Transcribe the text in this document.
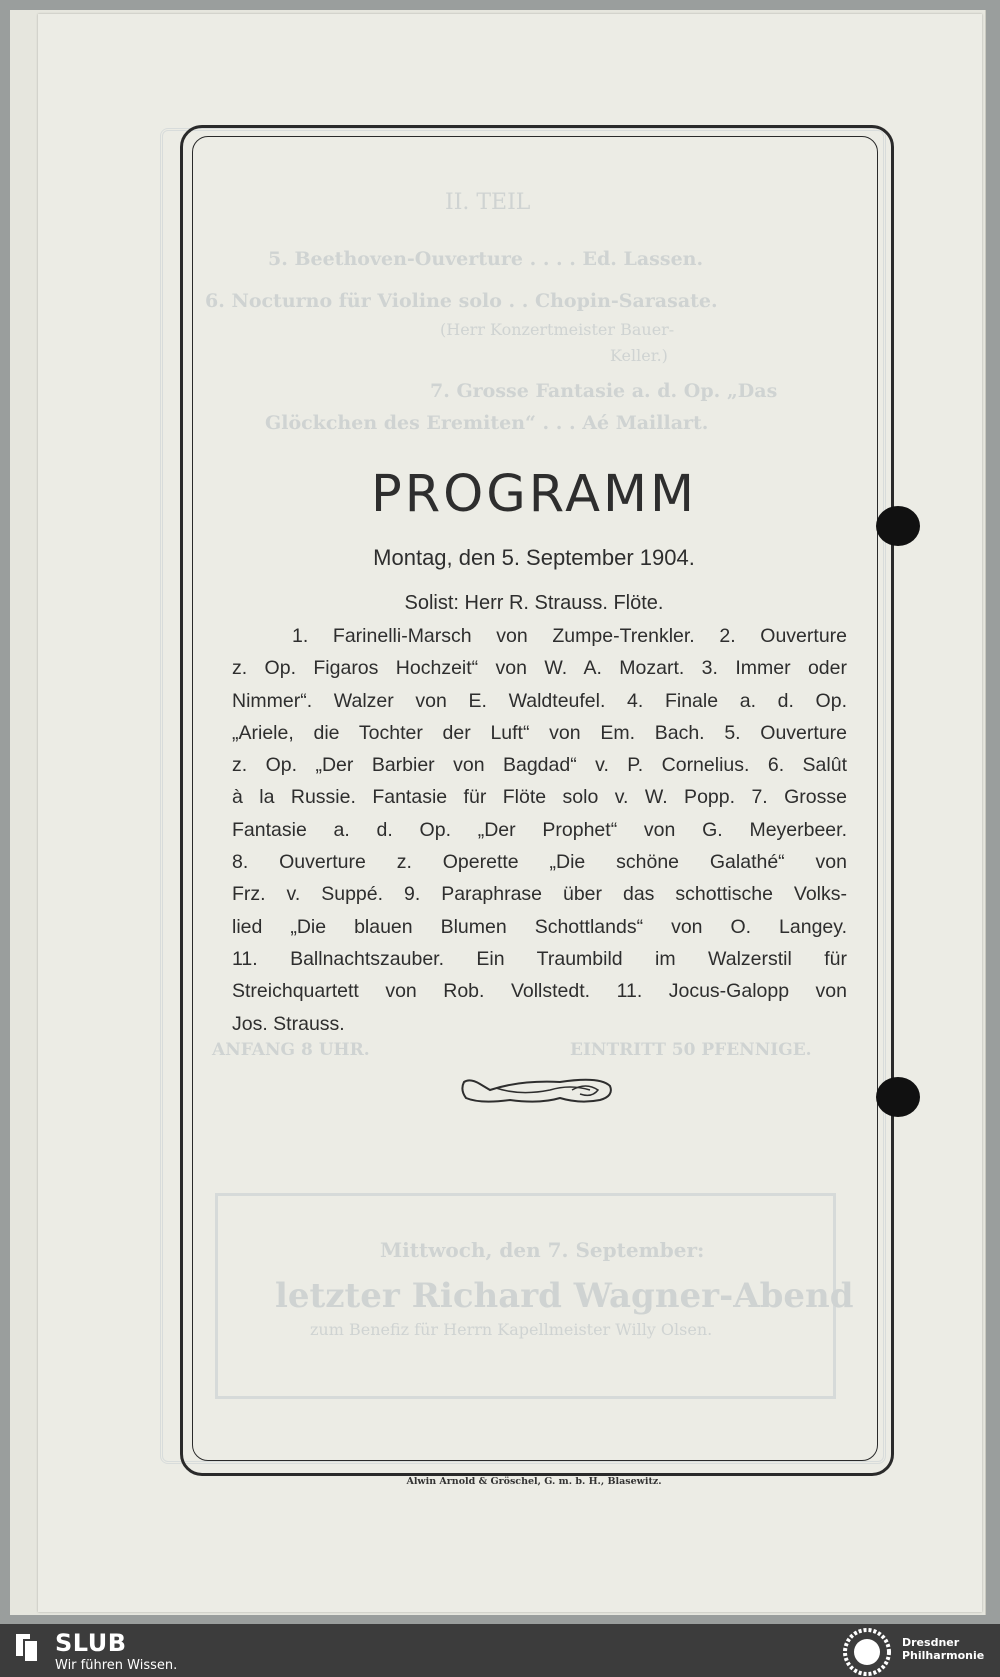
II. TEIL
5. Beethoven-Ouverture . . . . Ed. Lassen.
6. Nocturno für Violine solo . . Chopin-Sarasate.
(Herr Konzertmeister Bauer-
Keller.)
7. Grosse Fantasie a. d. Op. „Das
Glöckchen des Eremiten“ . . . Aé Maillart.
ANFANG 8 UHR.	EINTRITT 50 PFENNIGE.
Mittwoch, den 7. September:
letzter Richard Wagner-Abend
zum Benefiz für Herrn Kapellmeister Willy Olsen.
PROGRAMM
Montag, den 5. September 1904.
Solist: Herr R. Strauss. Flöte.
1. Farinelli-Marsch von Zumpe-Trenkler. 2. Ouverture
z. Op. Figaros Hochzeit“ von W. A. Mozart. 3. Immer oder
Nimmer“. Walzer von E. Waldteufel. 4. Finale a. d. Op.
„Ariele, die Tochter der Luft“ von Em. Bach. 5. Ouverture
z. Op. „Der Barbier von Bagdad“ v. P. Cornelius. 6. Salût
à la Russie. Fantasie für Flöte solo v. W. Popp. 7. Grosse
Fantasie a. d. Op. „Der Prophet“ von G. Meyerbeer.
8. Ouverture z. Operette „Die schöne Galathé“ von
Frz. v. Suppé. 9. Paraphrase über das schottische Volks-
lied „Die blauen Blumen Schottlands“ von O. Langey.
11. Ballnachtszauber. Ein Traumbild im Walzerstil für
Streichquartett von Rob. Vollstedt. 11. Jocus-Galopp von
Jos. Strauss.
Alwin Arnold & Gröschel, G. m. b. H., Blasewitz.
SLUB
Wir führen Wissen.
Dresdner
Philharmonie
